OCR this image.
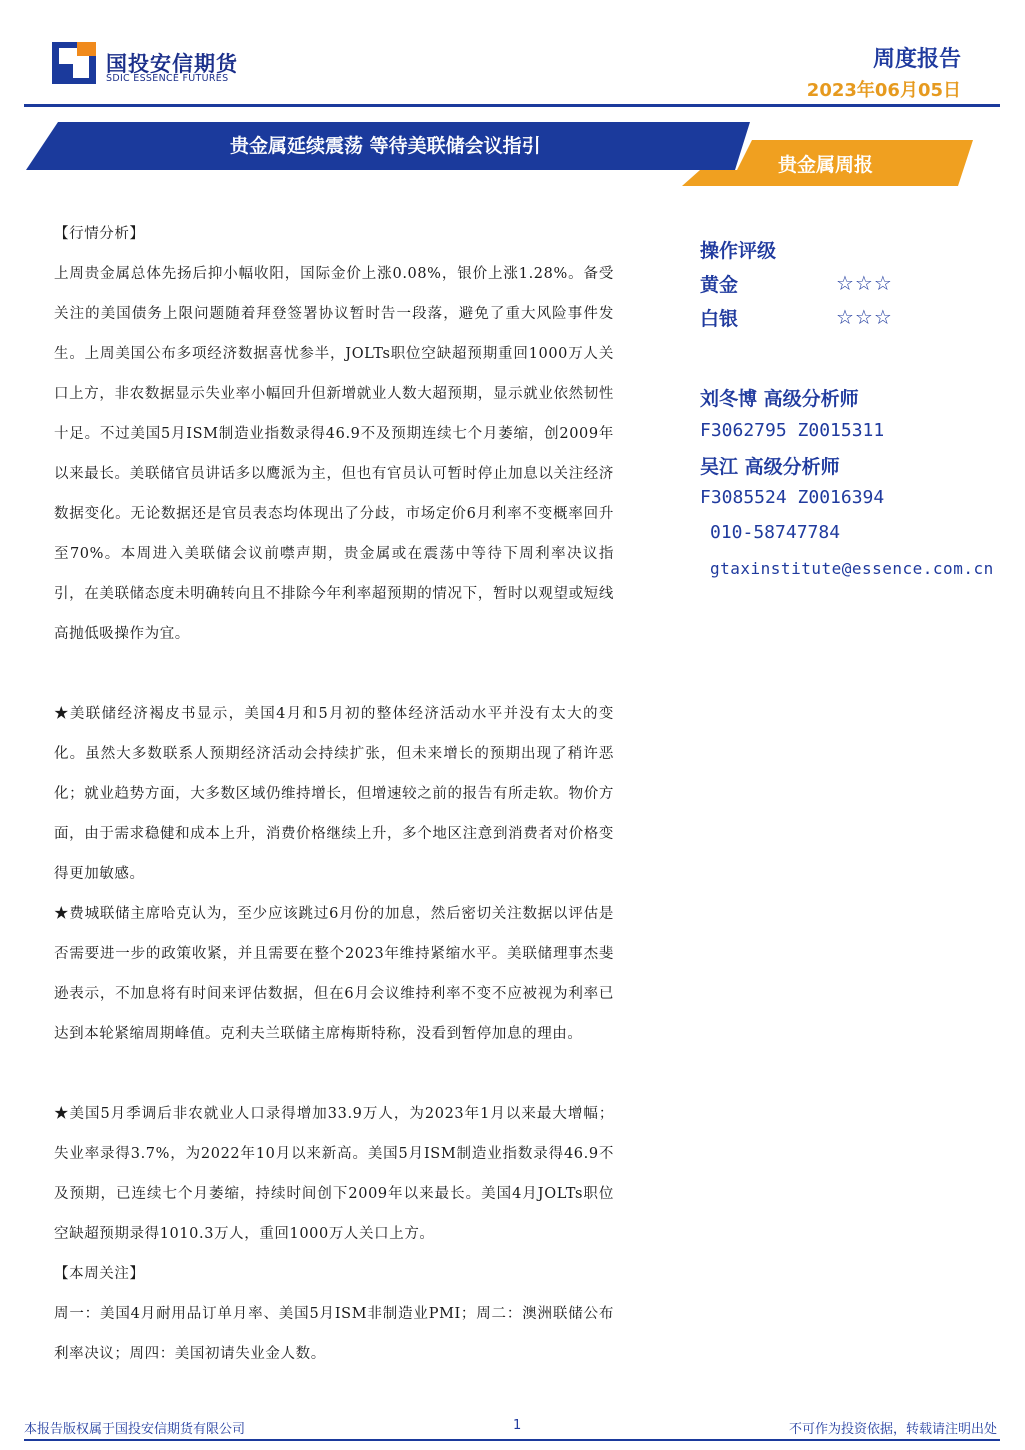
国投安信期货
SDIC ESSENCE FUTURES
周度报告
2023年06月05日
贵金属延续震荡 等待美联储会议指引
贵金属周报
【行情分析】
上周贵金属总体先扬后抑小幅收阳，国际金价上涨0.08%，银价上涨1.28%。备受关注的美国债务上限问题随着拜登签署协议暂时告一段落，避免了重大风险事件发生。上周美国公布多项经济数据喜忧参半，JOLTs职位空缺超预期重回1000万人关口上方，非农数据显示失业率小幅回升但新增就业人数大超预期，显示就业依然韧性十足。不过美国5月ISM制造业指数录得46.9不及预期连续七个月萎缩，创2009年以来最长。美联储官员讲话多以鹰派为主，但也有官员认可暂时停止加息以关注经济数据变化。无论数据还是官员表态均体现出了分歧，市场定价6月利率不变概率回升至70%。本周进入美联储会议前噤声期，贵金属或在震荡中等待下周利率决议指引，在美联储态度未明确转向且不排除今年利率超预期的情况下，暂时以观望或短线高抛低吸操作为宜。
★美联储经济褐皮书显示，美国4月和5月初的整体经济活动水平并没有太大的变化。虽然大多数联系人预期经济活动会持续扩张，但未来增长的预期出现了稍许恶化；就业趋势方面，大多数区域仍维持增长，但增速较之前的报告有所走软。物价方面，由于需求稳健和成本上升，消费价格继续上升，多个地区注意到消费者对价格变得更加敏感。
★费城联储主席哈克认为，至少应该跳过6月份的加息，然后密切关注数据以评估是否需要进一步的政策收紧，并且需要在整个2023年维持紧缩水平。美联储理事杰斐逊表示，不加息将有时间来评估数据，但在6月会议维持利率不变不应被视为利率已达到本轮紧缩周期峰值。克利夫兰联储主席梅斯特称，没看到暂停加息的理由。
★美国5月季调后非农就业人口录得增加33.9万人，为2023年1月以来最大增幅；失业率录得3.7%，为2022年10月以来新高。美国5月ISM制造业指数录得46.9不及预期，已连续七个月萎缩，持续时间创下2009年以来最长。美国4月JOLTs职位空缺超预期录得1010.3万人，重回1000万人关口上方。
【本周关注】
周一：美国4月耐用品订单月率、美国5月ISM非制造业PMI；周二：澳洲联储公布利率决议；周四：美国初请失业金人数。
操作评级
黄金	☆☆☆
白银	☆☆☆
刘冬博 高级分析师
F3062795 Z0015311
吴江 高级分析师
F3085524 Z0016394
010-58747784
gtaxinstitute@essence.com.cn
本报告版权属于国投安信期货有限公司	1	不可作为投资依据，转载请注明出处
